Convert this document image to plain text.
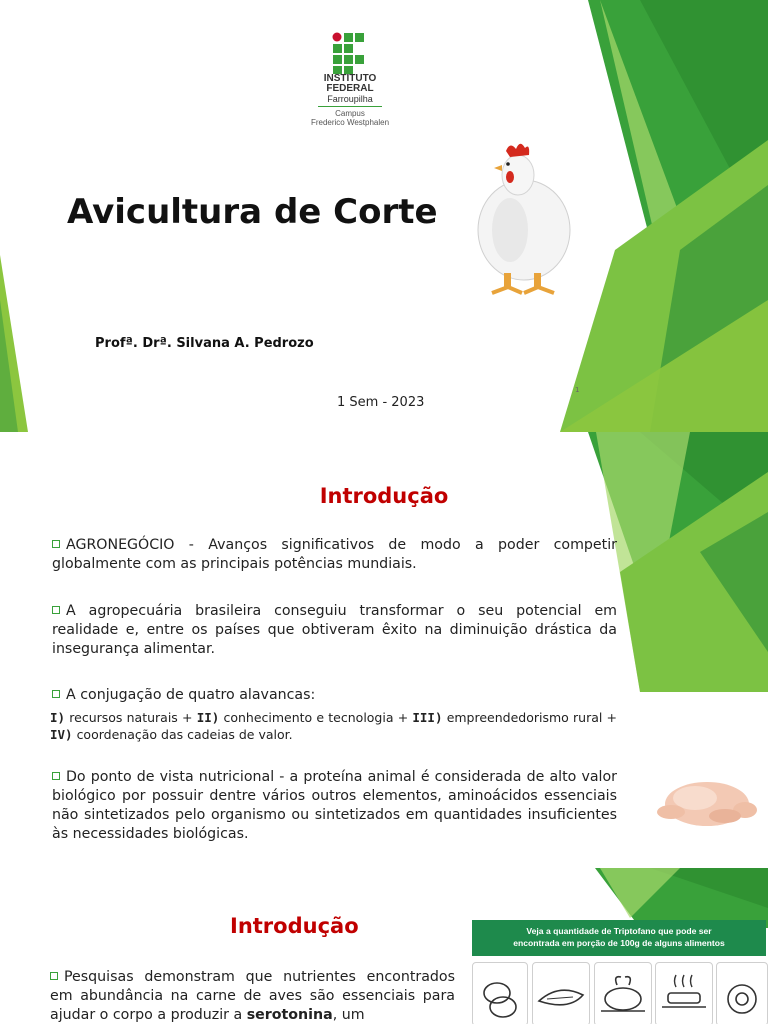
INSTITUTO
FEDERAL
Farroupilha
Campus
Frederico Westphalen
Avicultura de Corte
Profª. Drª. Silvana A. Pedrozo
1 Sem - 2023
1
Introdução
AGRONEGÓCIO - Avanços significativos de modo a poder competir globalmente com as principais potências mundiais.
A agropecuária brasileira conseguiu transformar o seu potencial em realidade e, entre os países que obtiveram êxito na diminuição drástica da insegurança alimentar.
A conjugação de quatro alavancas:
I) recursos naturais + II) conhecimento e tecnologia + III) empreendedorismo rural + IV) coordenação das cadeias de valor.
Do ponto de vista nutricional - a proteína animal é considerada de alto valor biológico por possuir dentre vários outros elementos, aminoácidos essenciais não sintetizados pelo organismo ou sintetizados em quantidades insuficientes às necessidades biológicas.
Introdução
Pesquisas demonstram que nutrientes encontrados em abundância na carne de aves são essenciais para ajudar o corpo a produzir a serotonina, um
Veja a quantidade de Triptofano que pode ser
encontrada em porção de 100g de alguns alimentos
